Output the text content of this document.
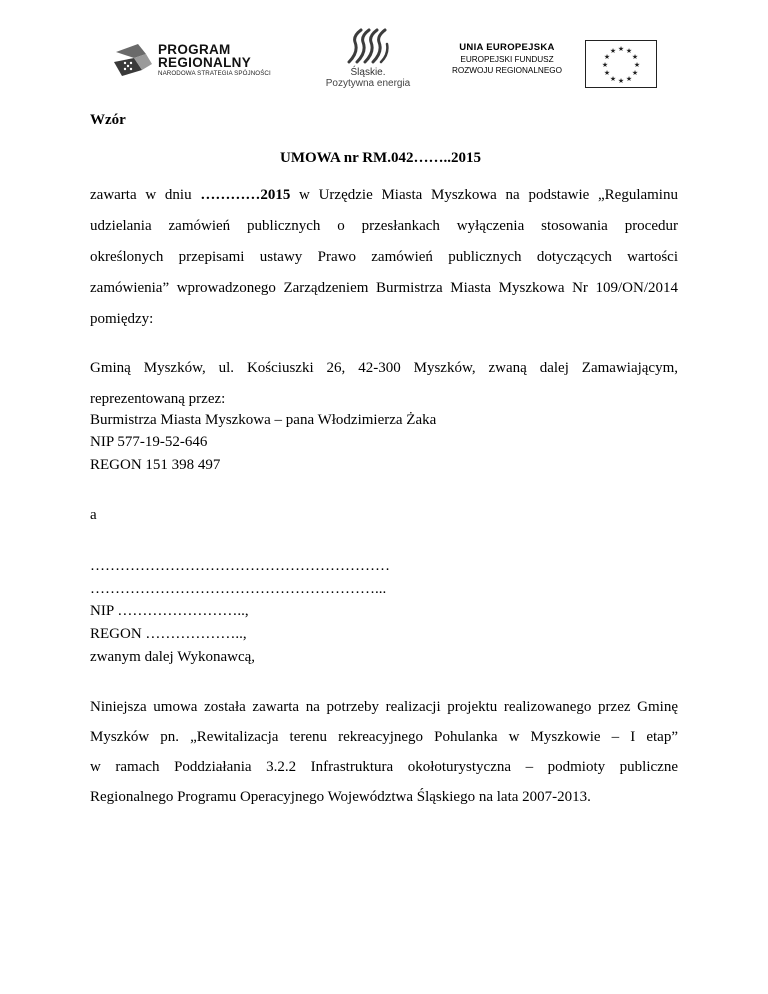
PROGRAM
REGIONALNY
NARODOWA STRATEGIA SPÓJNOŚCI	Śląskie.
Pozytywna energia
UNIA EUROPEJSKA
EUROPEJSKI FUNDUSZ
ROZWOJU REGIONALNEGO
★ ★
★
★
★
★
★
★
★
★
★
★
Wzór
UMOWA nr RM.042……..2015
zawarta w dniu …………2015 w Urzędzie Miasta Myszkowa na podstawie „Regulaminu
udzielania zamówień publicznych o przesłankach wyłączenia stosowania procedur
określonych przepisami ustawy Prawo zamówień publicznych dotyczących wartości
zamówienia” wprowadzonego Zarządzeniem Burmistrza Miasta Myszkowa Nr 109/ON/2014
pomiędzy:
Gminą Myszków, ul. Kościuszki 26, 42-300 Myszków, zwaną dalej Zamawiającym,
reprezentowaną przez:
Burmistrza Miasta Myszkowa – pana Włodzimierza Żaka
NIP 577-19-52-646
REGON 151 398 497
a
……………………………………………………
…………………………………………………...
NIP ……………………..,
REGON ………………..,
zwanym dalej Wykonawcą,
Niniejsza umowa została zawarta na potrzeby realizacji projektu realizowanego przez Gminę
Myszków pn. „Rewitalizacja terenu rekreacyjnego Pohulanka w Myszkowie – I etap”
w ramach Poddziałania 3.2.2 Infrastruktura okołoturystyczna – podmioty publiczne
Regionalnego Programu Operacyjnego Województwa Śląskiego na lata 2007-2013.
